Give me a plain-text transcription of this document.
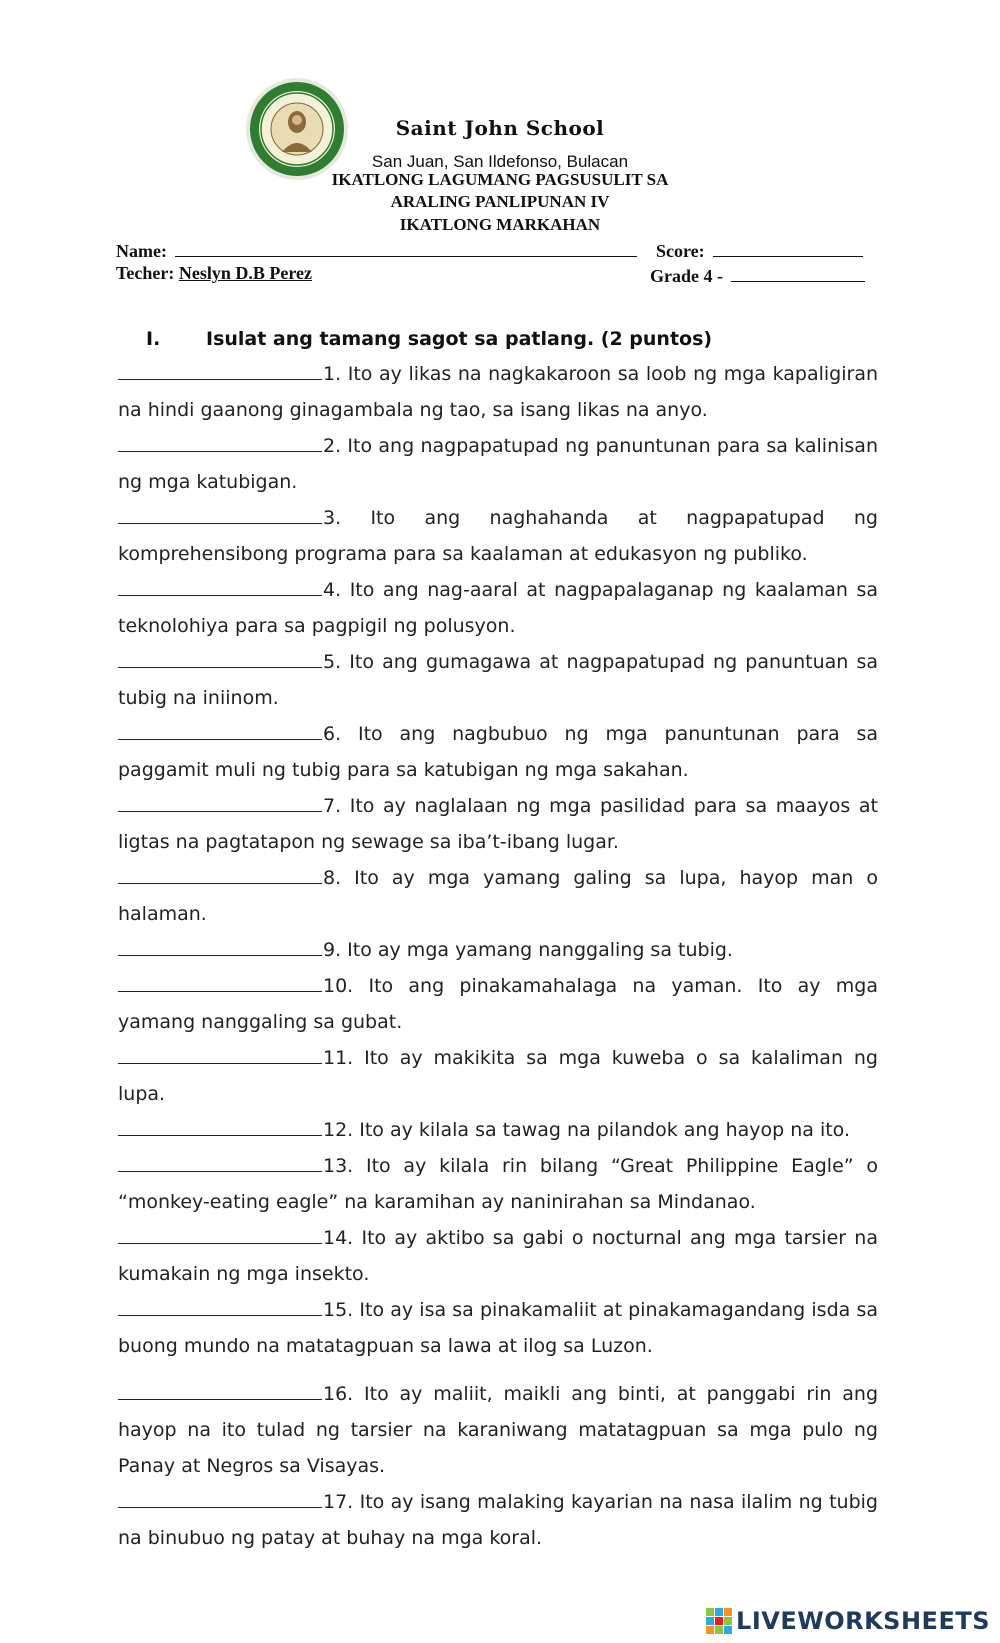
Saint John School
San Juan, San Ildefonso, Bulacan
IKATLONG LAGUMANG PAGSUSULIT SA
ARALING PANLIPUNAN IV
IKATLONG MARKAHAN
Name:	Score:
Techer: Neslyn D.B Perez	Grade 4 -
I. Isulat ang tamang sagot sa patlang. (2 puntos)

1. Ito ay likas na nagkakaroon sa loob ng mga kapaligiran na hindi gaanong ginagambala ng tao, sa isang likas na anyo.

2. Ito ang nagpapatupad ng panuntunan para sa kalinisan ng mga katubigan.

3. Ito ang naghahanda at nagpapatupad ng komprehensibong programa para sa kaalaman at edukasyon ng publiko.

4. Ito ang nag-aaral at nagpapalaganap ng kaalaman sa teknolohiya para sa pagpigil ng polusyon.

5. Ito ang gumagawa at nagpapatupad ng panuntuan sa tubig na iniinom.

6. Ito ang nagbubuo ng mga panuntunan para sa paggamit muli ng tubig para sa katubigan ng mga sakahan.

7. Ito ay naglalaan ng mga pasilidad para sa maayos at ligtas na pagtatapon ng sewage sa iba’t-ibang lugar.

8. Ito ay mga yamang galing sa lupa, hayop man o halaman.

9. Ito ay mga yamang nanggaling sa tubig.

10. Ito ang pinakamahalaga na yaman. Ito ay mga yamang nanggaling sa gubat.

11. Ito ay makikita sa mga kuweba o sa kalaliman ng lupa.

12. Ito ay kilala sa tawag na pilandok ang hayop na ito.

13. Ito ay kilala rin bilang “Great Philippine Eagle” o “monkey-eating eagle” na karamihan ay naninirahan sa Mindanao.

14. Ito ay aktibo sa gabi o nocturnal ang mga tarsier na kumakain ng mga insekto.

15. Ito ay isa sa pinakamaliit at pinakamagandang isda sa buong mundo na matatagpuan sa lawa at ilog sa Luzon.

16. Ito ay maliit, maikli ang binti, at panggabi rin ang hayop na ito tulad ng tarsier na karaniwang matatagpuan sa mga pulo ng Panay at Negros sa Visayas.

17. Ito ay isang malaking kayarian na nasa ilalim ng tubig na binubuo ng patay at buhay na mga koral.

LIVEWORKSHEETS
